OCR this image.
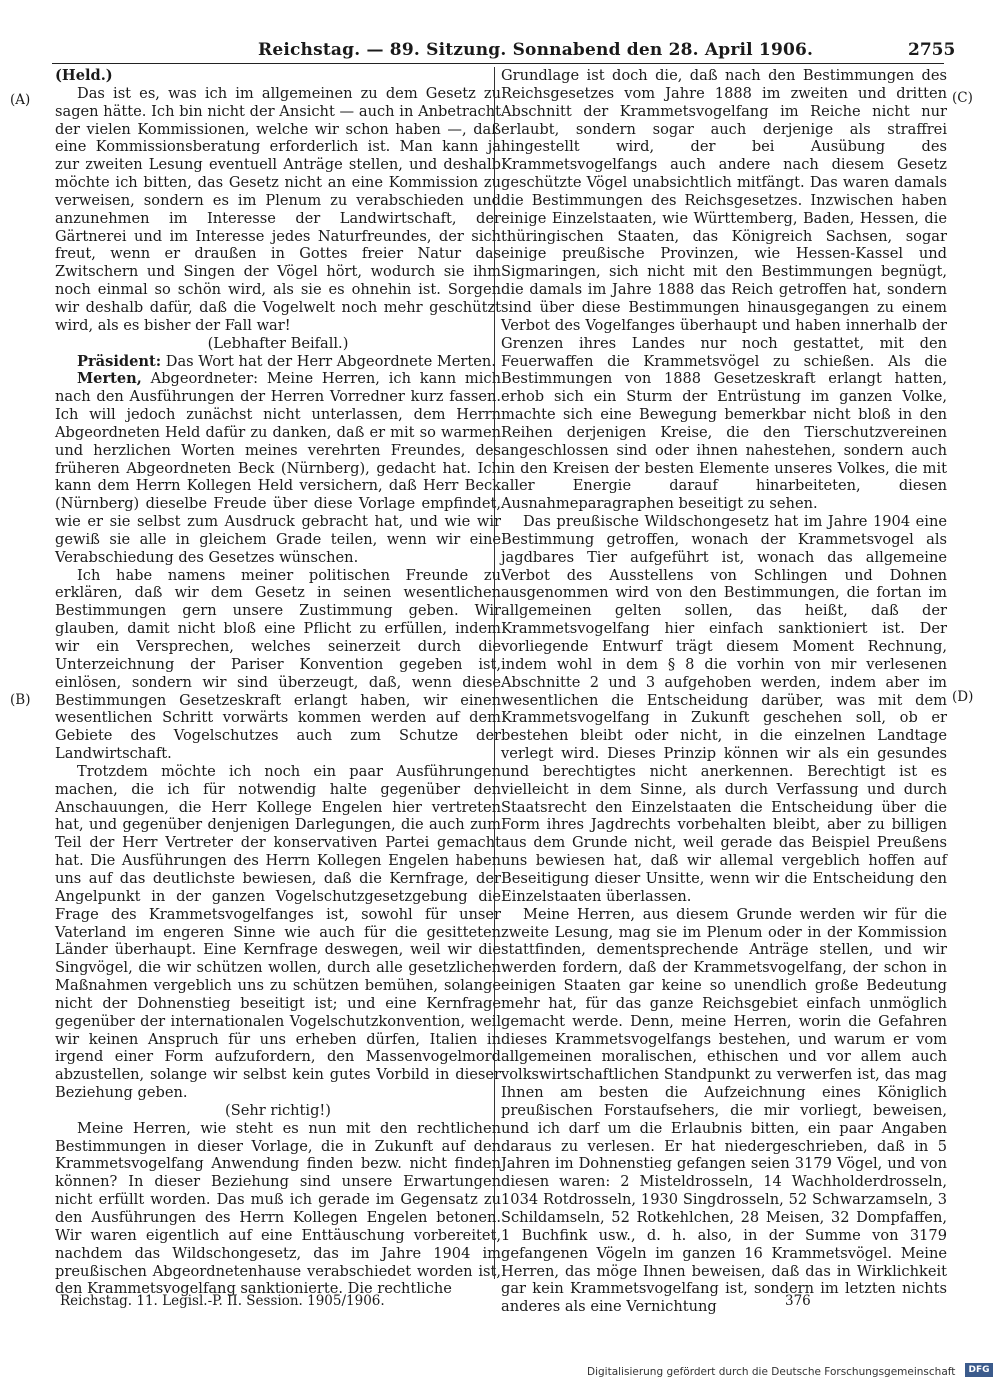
Reichstag. — 89. Sitzung. Sonnabend den 28. April 1906.	2755
(A)
(B)
(C)
(D)

(Held.)

Das ist es, was ich im allgemeinen zu dem Gesetz zu sagen hätte. Ich bin nicht der Ansicht — auch in Anbetracht der vielen Kommissionen, welche wir schon haben —, daß eine Kommissionsberatung erforderlich ist. Man kann ja zur zweiten Lesung eventuell Anträge stellen, und deshalb möchte ich bitten, das Gesetz nicht an eine Kommission zu verweisen, sondern es im Plenum zu verabschieden und anzunehmen im Interesse der Landwirtschaft, der Gärtnerei und im Interesse jedes Naturfreundes, der sich freut, wenn er draußen in Gottes freier Natur das Zwitschern und Singen der Vögel hört, wodurch sie ihm noch einmal so schön wird, als sie es ohnehin ist. Sorgen wir deshalb dafür, daß die Vogelwelt noch mehr geschützt wird, als es bisher der Fall war!

(Lebhafter Beifall.)

Präsident: Das Wort hat der Herr Abgeordnete Merten.

Merten, Abgeordneter: Meine Herren, ich kann mich nach den Ausführungen der Herren Vorredner kurz fassen. Ich will jedoch zunächst nicht unterlassen, dem Herrn Abgeordneten Held dafür zu danken, daß er mit so warmen und herzlichen Worten meines verehrten Freundes, des früheren Abgeordneten Beck (Nürnberg), gedacht hat. Ich kann dem Herrn Kollegen Held versichern, daß Herr Beck (Nürnberg) dieselbe Freude über diese Vorlage empfindet, wie er sie selbst zum Ausdruck gebracht hat, und wie wir gewiß sie alle in gleichem Grade teilen, wenn wir eine Verabschiedung des Gesetzes wünschen.

Ich habe namens meiner politischen Freunde zu erklären, daß wir dem Gesetz in seinen wesentlichen Bestimmungen gern unsere Zustimmung geben. Wir glauben, damit nicht bloß eine Pflicht zu erfüllen, indem wir ein Versprechen, welches seinerzeit durch die Unterzeichnung der Pariser Konvention gegeben ist, einlösen, sondern wir sind überzeugt, daß, wenn diese Bestimmungen Gesetzeskraft erlangt haben, wir einen wesentlichen Schritt vorwärts kommen werden auf dem Gebiete des Vogelschutzes auch zum Schutze der Landwirtschaft.

Trotzdem möchte ich noch ein paar Ausführungen machen, die ich für notwendig halte gegenüber den Anschauungen, die Herr Kollege Engelen hier vertreten hat, und gegenüber denjenigen Darlegungen, die auch zum Teil der Herr Vertreter der konservativen Partei gemacht hat. Die Ausführungen des Herrn Kollegen Engelen haben uns auf das deutlichste bewiesen, daß die Kernfrage, der Angelpunkt in der ganzen Vogelschutzgesetzgebung die Frage des Krammetsvogelfanges ist, sowohl für unser Vaterland im engeren Sinne wie auch für die gesitteten Länder überhaupt. Eine Kernfrage deswegen, weil wir die Singvögel, die wir schützen wollen, durch alle gesetzlichen Maßnahmen vergeblich uns zu schützen bemühen, solange nicht der Dohnenstieg beseitigt ist; und eine Kernfrage gegenüber der internationalen Vogelschutzkonvention, weil wir keinen Anspruch für uns erheben dürfen, Italien in irgend einer Form aufzufordern, den Massenvogelmord abzustellen, solange wir selbst kein gutes Vorbild in dieser Beziehung geben.

(Sehr richtig!)

Meine Herren, wie steht es nun mit den rechtlichen Bestimmungen in dieser Vorlage, die in Zukunft auf den Krammetsvogelfang Anwendung finden bezw. nicht finden können? In dieser Beziehung sind unsere Erwartungen nicht erfüllt worden. Das muß ich gerade im Gegensatz zu den Ausführungen des Herrn Kollegen Engelen betonen. Wir waren eigentlich auf eine Enttäuschung vorbereitet, nachdem das Wildschongesetz, das im Jahre 1904 im preußischen Abgeordnetenhause verabschiedet worden ist, den Krammetsvogelfang sanktionierte. Die rechtliche

Grundlage ist doch die, daß nach den Bestimmungen des Reichsgesetzes vom Jahre 1888 im zweiten und dritten Abschnitt der Krammetsvogelfang im Reiche nicht nur erlaubt, sondern sogar auch derjenige als straffrei hingestellt wird, der bei Ausübung des Krammetsvogelfangs auch andere nach diesem Gesetz geschützte Vögel unabsichtlich mitfängt. Das waren damals die Bestimmungen des Reichsgesetzes. Inzwischen haben einige Einzelstaaten, wie Württemberg, Baden, Hessen, die thüringischen Staaten, das Königreich Sachsen, sogar einige preußische Provinzen, wie Hessen-Kassel und Sigmaringen, sich nicht mit den Bestimmungen begnügt, die damals im Jahre 1888 das Reich getroffen hat, sondern sind über diese Bestimmungen hinausgegangen zu einem Verbot des Vogelfanges überhaupt und haben innerhalb der Grenzen ihres Landes nur noch gestattet, mit den Feuerwaffen die Krammetsvögel zu schießen. Als die Bestimmungen von 1888 Gesetzeskraft erlangt hatten, erhob sich ein Sturm der Entrüstung im ganzen Volke, machte sich eine Bewegung bemerkbar nicht bloß in den Reihen derjenigen Kreise, die den Tierschutzvereinen angeschlossen sind oder ihnen nahestehen, sondern auch in den Kreisen der besten Elemente unseres Volkes, die mit aller Energie darauf hinarbeiteten, diesen Ausnahmeparagraphen beseitigt zu sehen.

Das preußische Wildschongesetz hat im Jahre 1904 eine Bestimmung getroffen, wonach der Krammetsvogel als jagdbares Tier aufgeführt ist, wonach das allgemeine Verbot des Ausstellens von Schlingen und Dohnen ausgenommen wird von den Bestimmungen, die fortan im allgemeinen gelten sollen, das heißt, daß der Krammetsvogelfang hier einfach sanktioniert ist. Der vorliegende Entwurf trägt diesem Moment Rechnung, indem wohl in dem § 8 die vorhin von mir verlesenen Abschnitte 2 und 3 aufgehoben werden, indem aber im wesentlichen die Entscheidung darüber, was mit dem Krammetsvogelfang in Zukunft geschehen soll, ob er bestehen bleibt oder nicht, in die einzelnen Landtage verlegt wird. Dieses Prinzip können wir als ein gesundes und berechtigtes nicht anerkennen. Berechtigt ist es vielleicht in dem Sinne, als durch Verfassung und durch Staatsrecht den Einzelstaaten die Entscheidung über die Form ihres Jagdrechts vorbehalten bleibt, aber zu billigen aus dem Grunde nicht, weil gerade das Beispiel Preußens uns bewiesen hat, daß wir allemal vergeblich hoffen auf Beseitigung dieser Unsitte, wenn wir die Entscheidung den Einzelstaaten überlassen.

Meine Herren, aus diesem Grunde werden wir für die zweite Lesung, mag sie im Plenum oder in der Kommission stattfinden, dementsprechende Anträge stellen, und wir werden fordern, daß der Krammetsvogelfang, der schon in einigen Staaten gar keine so unendlich große Bedeutung mehr hat, für das ganze Reichsgebiet einfach unmöglich gemacht werde. Denn, meine Herren, worin die Gefahren dieses Krammetsvogelfangs bestehen, und warum er vom allgemeinen moralischen, ethischen und vor allem auch volkswirtschaftlichen Standpunkt zu verwerfen ist, das mag Ihnen am besten die Aufzeichnung eines Königlich preußischen Forstaufsehers, die mir vorliegt, beweisen, und ich darf um die Erlaubnis bitten, ein paar Angaben daraus zu verlesen. Er hat niedergeschrieben, daß in 5 Jahren im Dohnenstieg gefangen seien 3179 Vögel, und von diesen waren: 2 Misteldrosseln, 14 Wachholderdrosseln, 1034 Rotdrosseln, 1930 Singdrosseln, 52 Schwarzamseln, 3 Schildamseln, 52 Rotkehlchen, 28 Meisen, 32 Dompfaffen, 1 Buchfink usw., d. h. also, in der Summe von 3179 gefangenen Vögeln im ganzen 16 Krammetsvögel. Meine Herren, das möge Ihnen beweisen, daß das in Wirklichkeit gar kein Krammetsvogelfang ist, sondern im letzten nichts anderes als eine Vernichtung

Reichstag. 11. Legisl.-P. II. Session. 1905/1906.	376
Digitalisierung gefördert durch die Deutsche Forschungsgemeinschaft	DFG
